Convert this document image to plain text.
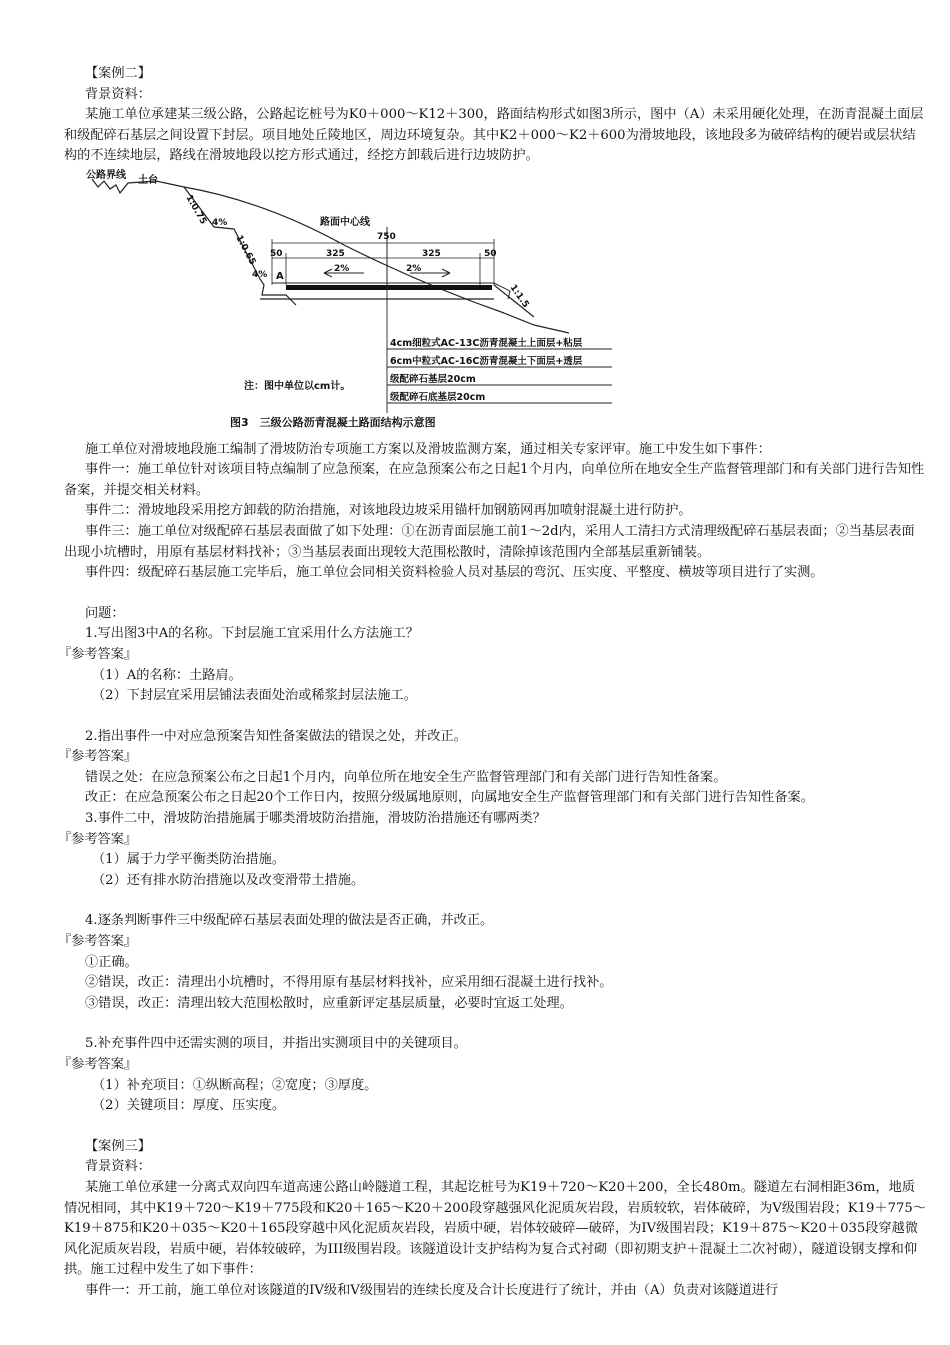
【案例二】

背景资料：

某施工单位承建某三级公路，公路起讫桩号为K0＋000～K12＋300，路面结构形式如图3所示，图中（A）未采用硬化处理，在沥青混凝土面层和级配碎石基层之间设置下封层。项目地处丘陵地区，周边环境复杂。其中K2＋000～K2＋600为滑坡地段，该地段多为破碎结构的硬岩或层状结构的不连续地层，路线在滑坡地段以挖方形式通过，经挖方卸载后进行边坡防护。

公路界线 土台
1:0.75
1:0.65
1:1.5
4%
4%
路面中心线
750
50	325	325	50
A
2%	2%
4cm细粒式AC-13C沥青混凝土上面层+粘层
6cm中粒式AC-16C沥青混凝土下面层+透层
级配碎石基层20cm
级配碎石底基层20cm
注：图中单位以cm计。

图3　三级公路沥青混凝土路面结构示意图

施工单位对滑坡地段施工编制了滑坡防治专项施工方案以及滑坡监测方案，通过相关专家评审。施工中发生如下事件：

事件一：施工单位针对该项目特点编制了应急预案，在应急预案公布之日起1个月内，向单位所在地安全生产监督管理部门和有关部门进行告知性备案，并提交相关材料。

事件二：滑坡地段采用挖方卸载的防治措施，对该地段边坡采用锚杆加钢筋网再加喷射混凝土进行防护。

事件三：施工单位对级配碎石基层表面做了如下处理：①在沥青面层施工前1～2d内，采用人工清扫方式清理级配碎石基层表面；②当基层表面出现小坑槽时，用原有基层材料找补；③当基层表面出现较大范围松散时，清除掉该范围内全部基层重新铺装。

事件四：级配碎石基层施工完毕后，施工单位会同相关资料检验人员对基层的弯沉、压实度、平整度、横坡等项目进行了实测。

问题：

1.写出图3中A的名称。下封层施工宜采用什么方法施工？

『参考答案』

（1）A的名称：土路肩。

（2）下封层宜采用层铺法表面处治或稀浆封层法施工。

2.指出事件一中对应急预案告知性备案做法的错误之处，并改正。

『参考答案』

错误之处：在应急预案公布之日起1个月内，向单位所在地安全生产监督管理部门和有关部门进行告知性备案。

改正：在应急预案公布之日起20个工作日内，按照分级属地原则，向属地安全生产监督管理部门和有关部门进行告知性备案。

3.事件二中，滑坡防治措施属于哪类滑坡防治措施，滑坡防治措施还有哪两类？

『参考答案』

（1）属于力学平衡类防治措施。

（2）还有排水防治措施以及改变滑带土措施。

4.逐条判断事件三中级配碎石基层表面处理的做法是否正确，并改正。

『参考答案』

①正确。

②错误，改正：清理出小坑槽时，不得用原有基层材料找补，应采用细石混凝土进行找补。

③错误，改正：清理出较大范围松散时，应重新评定基层质量，必要时宜返工处理。

5.补充事件四中还需实测的项目，并指出实测项目中的关键项目。

『参考答案』

（1）补充项目：①纵断高程；②宽度；③厚度。

（2）关键项目：厚度、压实度。

【案例三】

背景资料：

某施工单位承建一分离式双向四车道高速公路山岭隧道工程，其起讫桩号为K19＋720～K20＋200，全长480m。隧道左右洞相距36m，地质情况相同，其中K19＋720～K19＋775段和K20＋165～K20＋200段穿越强风化泥质灰岩段，岩质较软，岩体破碎，为V级围岩段；K19＋775～K19＋875和K20＋035～K20＋165段穿越中风化泥质灰岩段，岩质中硬，岩体较破碎—破碎，为IV级围岩段；K19＋875～K20＋035段穿越微风化泥质灰岩段，岩质中硬，岩体较破碎，为III级围岩段。该隧道设计支护结构为复合式衬砌（即初期支护＋混凝土二次衬砌），隧道设钢支撑和仰拱。施工过程中发生了如下事件：

事件一：开工前，施工单位对该隧道的IV级和V级围岩的连续长度及合计长度进行了统计，并由（A）负责对该隧道进行
